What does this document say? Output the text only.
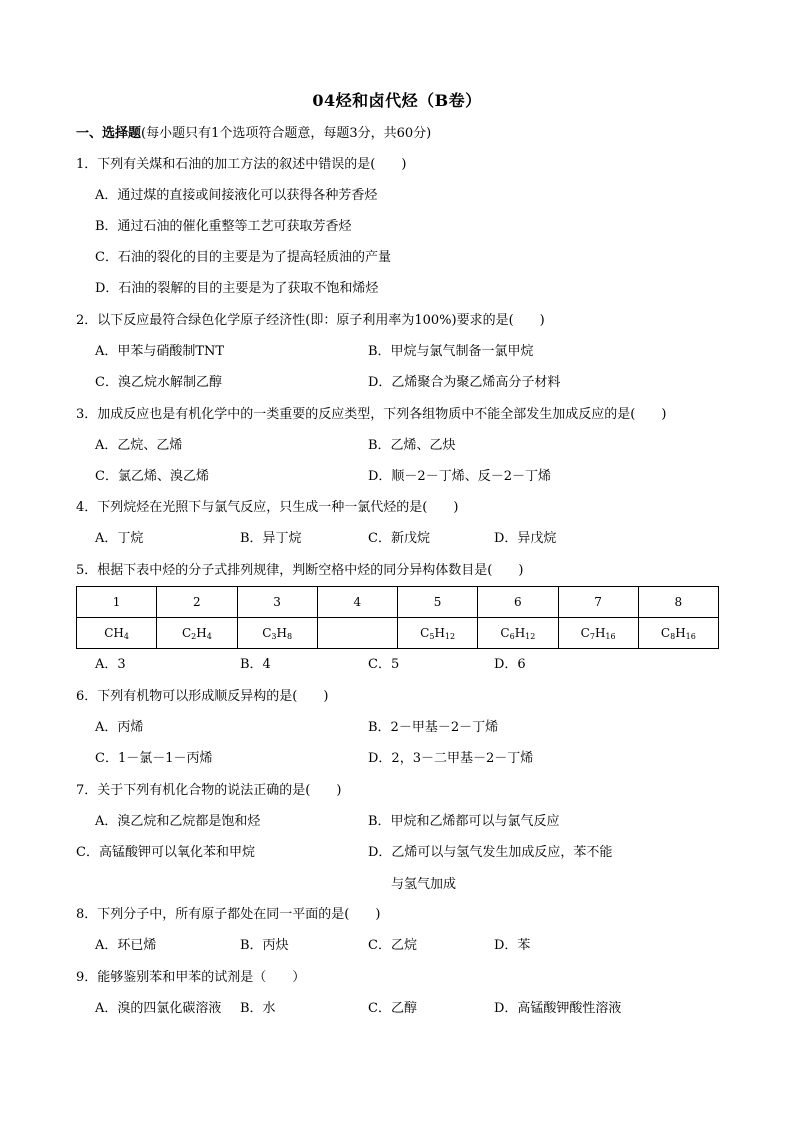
04烃和卤代烃（B卷）
一、选择题(每小题只有1个选项符合题意，每题3分，共60分)
1．下列有关煤和石油的加工方法的叙述中错误的是(　　)
A．通过煤的直接或间接液化可以获得各种芳香烃
B．通过石油的催化重整等工艺可获取芳香烃
C．石油的裂化的目的主要是为了提高轻质油的产量
D．石油的裂解的目的主要是为了获取不饱和烯烃
2．以下反应最符合绿色化学原子经济性(即：原子利用率为100%)要求的是(　　)
A．甲苯与硝酸制TNT	B．甲烷与氯气制备一氯甲烷
C．溴乙烷水解制乙醇	D．乙烯聚合为聚乙烯高分子材料
3．加成反应也是有机化学中的一类重要的反应类型，下列各组物质中不能全部发生加成反应的是(　　)
A．乙烷、乙烯	B．乙烯、乙炔
C．氯乙烯、溴乙烯	D．顺－2－丁烯、反－2－丁烯
4．下列烷烃在光照下与氯气反应，只生成一种一氯代烃的是(　　)
A．丁烷	B．异丁烷	C．新戊烷	D．异戊烷
5．根据下表中烃的分子式排列规律，判断空格中烃的同分异构体数目是(　　)
1	2	3	4	5	6	7	8
$CH_4$	$C_2H_4$	$C_3H_8$		$C_5H_{12}$	$C_6H_{12}$	$C_7H_{16}$	$C_8H_{16}$
A．3	B．4	C．5	D．6
6．下列有机物可以形成顺反异构的是(　　)
A．丙烯	B．2－甲基－2－丁烯
C．1－氯－1－丙烯	D．2，3－二甲基－2－丁烯
7．关于下列有机化合物的说法正确的是(　　)
A．溴乙烷和乙烷都是饱和烃	B．甲烷和乙烯都可以与氯气反应
C．高锰酸钾可以氧化苯和甲烷	D．乙烯可以与氢气发生加成反应，苯不能
与氢气加成
8．下列分子中，所有原子都处在同一平面的是(　　)
A．环已烯	B．丙炔	C．乙烷	D．苯
9．能够鉴别苯和甲苯的试剂是（　　）
A．溴的四氯化碳溶液 B．水	C．乙醇	D．高锰酸钾酸性溶液
